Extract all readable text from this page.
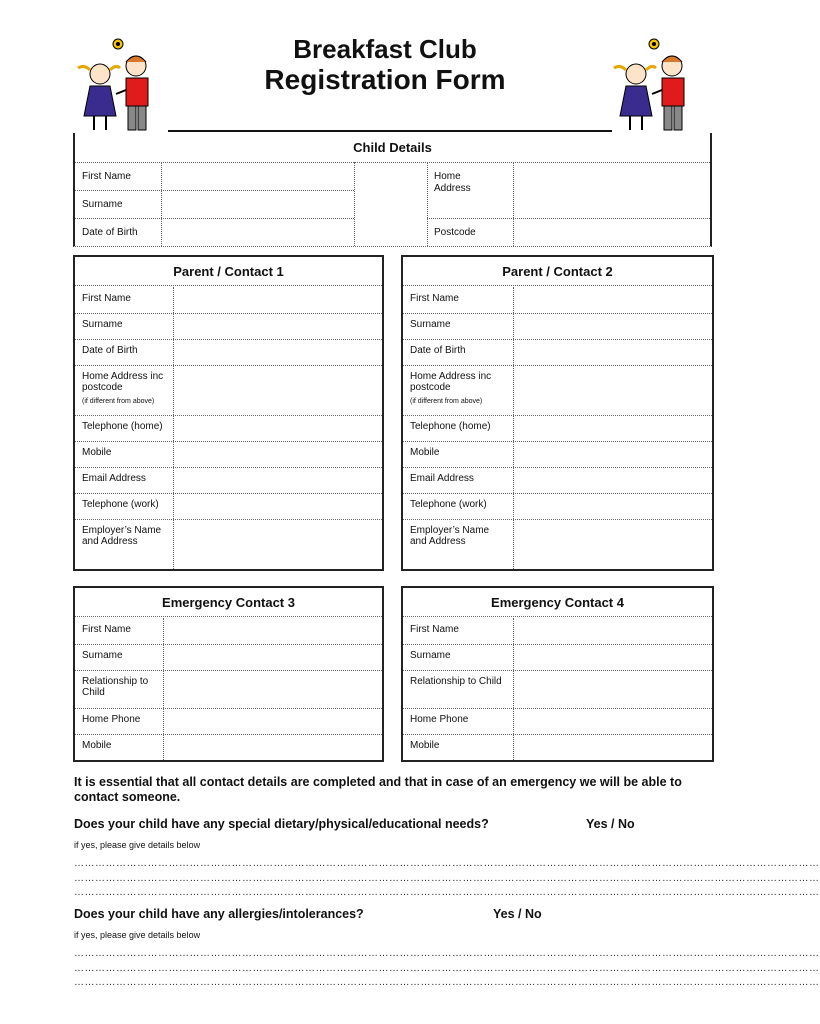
Breakfast Club
Registration Form
Child Details
First Name
Surname
Date of Birth
Home Address
Postcode
Parent / Contact 1
First Name
Surname
Date of Birth
Home Address inc postcode
(if different from above)
Telephone (home)
Mobile
Email Address
Telephone (work)
Employer’s Name and Address
Parent / Contact 2
First Name
Surname
Date of Birth
Home Address inc postcode
(if different from above)
Telephone (home)
Mobile
Email Address
Telephone (work)
Employer’s Name and Address
Emergency Contact 3
First Name
Surname
Relationship to Child
Home Phone
Mobile
Emergency Contact 4
First Name
Surname
Relationship to Child
Home Phone
Mobile
It is essential that all contact details are completed and that in case of an emergency we will be able to contact someone.
Does your child have any special dietary/physical/educational needs?	Yes / No
if yes, please give details below
……………………………………………………………………………………………………………………………………………………………………………………………
……………………………………………………………………………………………………………………………………………………………………………………………
……………………………………………………………………………………………………………………………………………………………………………………………
Does your child have any allergies/intolerances?	Yes / No
if yes, please give details below
……………………………………………………………………………………………………………………………………………………………………………………………
……………………………………………………………………………………………………………………………………………………………………………………………
……………………………………………………………………………………………………………………………………………………………………………………………
